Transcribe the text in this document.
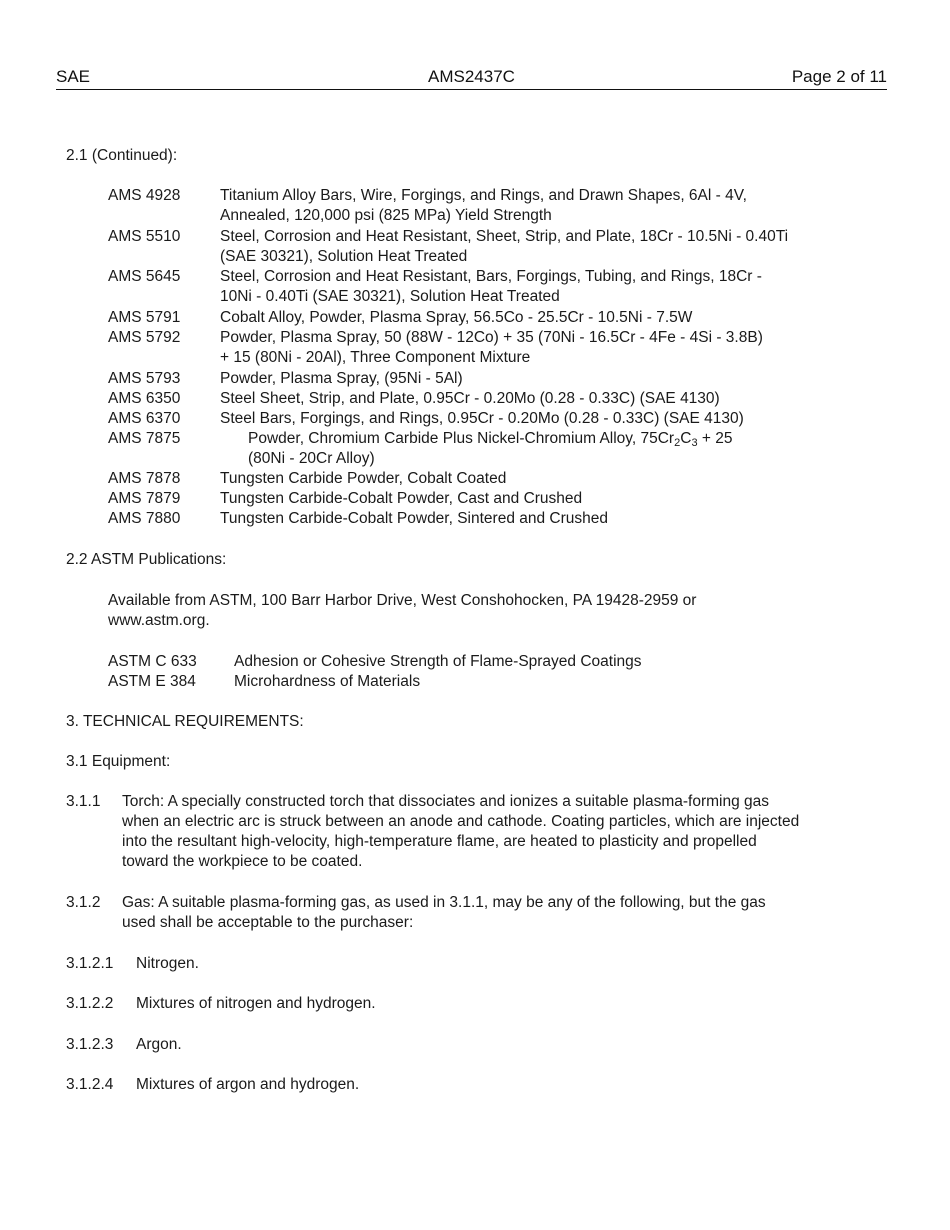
SAE	AMS2437C	Page 2 of 11
2.1 (Continued):
AMS 4928	Titanium Alloy Bars, Wire, Forgings, and Rings, and Drawn Shapes, 6Al - 4V,
Annealed, 120,000 psi (825 MPa) Yield Strength
AMS 5510	Steel, Corrosion and Heat Resistant, Sheet, Strip, and Plate, 18Cr - 10.5Ni - 0.40Ti
(SAE 30321), Solution Heat Treated
AMS 5645	Steel, Corrosion and Heat Resistant, Bars, Forgings, Tubing, and Rings, 18Cr -
10Ni - 0.40Ti (SAE 30321), Solution Heat Treated
AMS 5791	Cobalt Alloy, Powder, Plasma Spray, 56.5Co - 25.5Cr - 10.5Ni - 7.5W
AMS 5792	Powder, Plasma Spray, 50 (88W - 12Co) + 35 (70Ni - 16.5Cr - 4Fe - 4Si - 3.8B)
+ 15 (80Ni - 20Al), Three Component Mixture
AMS 5793	Powder, Plasma Spray, (95Ni - 5Al)
AMS 6350	Steel Sheet, Strip, and Plate, 0.95Cr - 0.20Mo (0.28 - 0.33C) (SAE 4130)
AMS 6370	Steel Bars, Forgings, and Rings, 0.95Cr - 0.20Mo (0.28 - 0.33C) (SAE 4130)
AMS 7875	Powder, Chromium Carbide Plus Nickel-Chromium Alloy, $75Cr_2C_3 + 25$
(80Ni - 20Cr Alloy)
AMS 7878	Tungsten Carbide Powder, Cobalt Coated
AMS 7879	Tungsten Carbide-Cobalt Powder, Cast and Crushed
AMS 7880	Tungsten Carbide-Cobalt Powder, Sintered and Crushed
2.2 ASTM Publications:
Available from ASTM, 100 Barr Harbor Drive, West Conshohocken, PA 19428-2959 or
www.astm.org.
ASTM C 633 Adhesion or Cohesive Strength of Flame-Sprayed Coatings
ASTM E 384 Microhardness of Materials
3. TECHNICAL REQUIREMENTS:
3.1 Equipment:
3.1.1 Torch: A specially constructed torch that dissociates and ionizes a suitable plasma-forming gas
when an electric arc is struck between an anode and cathode. Coating particles, which are injected
into the resultant high-velocity, high-temperature flame, are heated to plasticity and propelled
toward the workpiece to be coated.
3.1.2 Gas: A suitable plasma-forming gas, as used in 3.1.1, may be any of the following, but the gas
used shall be acceptable to the purchaser:
3.1.2.1 Nitrogen.
3.1.2.2 Mixtures of nitrogen and hydrogen.
3.1.2.3 Argon.
3.1.2.4 Mixtures of argon and hydrogen.
